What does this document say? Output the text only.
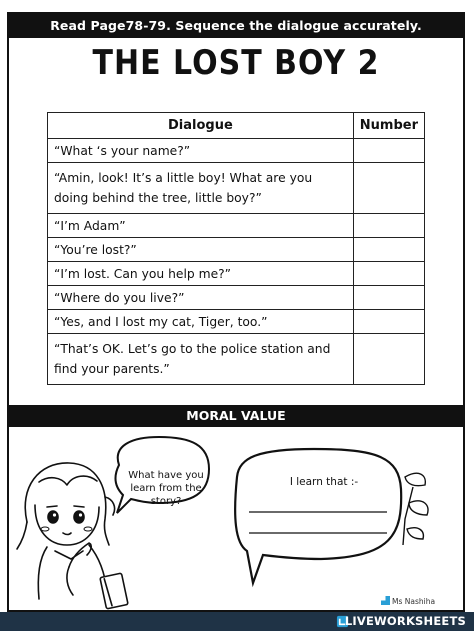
Read Page78-79. Sequence the dialogue accurately.
THE LOST BOY 2
Dialogue	Number
“What ‘s your name?”	
“Amin, look! It’s a little boy! What are you doing behind the tree, little boy?”	
“I’m Adam”	
“You’re lost?”	
“I’m lost. Can you help me?”	
“Where do you live?”	
“Yes, and I lost my cat, Tiger, too.”	
“That’s OK. Let’s go to the police station and find your parents.”	
MORAL VALUE
What have you learn from the story?
I learn that :-
Ms Nashiha
LIVEWORKSHEETS
